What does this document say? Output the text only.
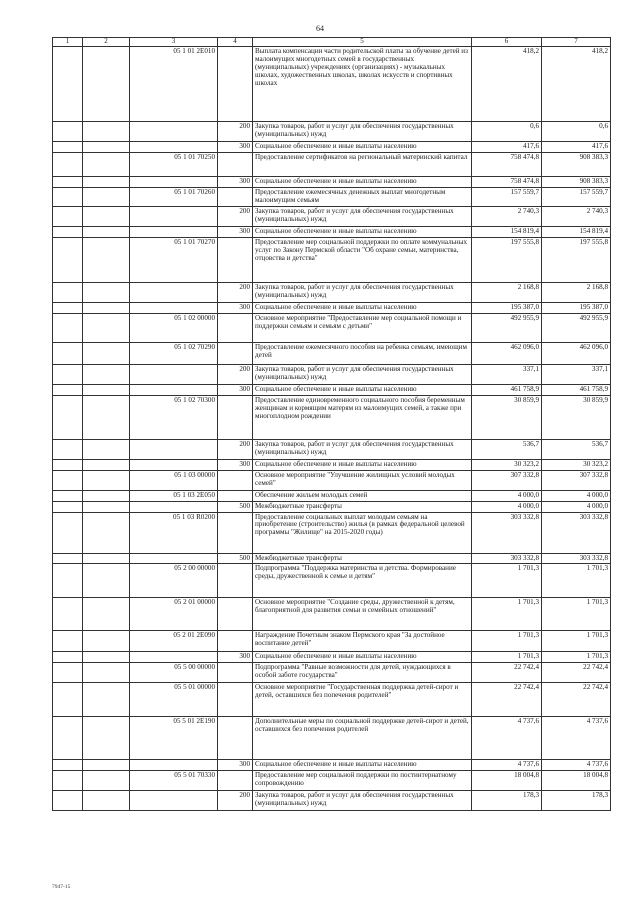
64
1	2	3	4	5	6	7
		05 1 01 2Е010		Выплата компенсации части родительской платы за обучение детей из малоимущих многодетных семей в государственных (муниципальных) учреждениях (организациях) - музыкальных школах, художественных школах, школах искусств и спортивных школах	418,2	418,2
			200	Закупка товаров, работ и услуг для обеспечения государственных (муниципальных) нужд	0,6	0,6
			300	Социальное обеспечение и иные выплаты населению	417,6	417,6
		05 1 01 70250		Предоставление сертификатов на региональный материнский капитал	758 474,8	908 383,3
			300	Социальное обеспечение и иные выплаты населению	758 474,8	908 383,3
		05 1 01 70260		Предоставление ежемесячных денежных выплат многодетным малоимущим семьям	157 559,7	157 559,7
			200	Закупка товаров, работ и услуг для обеспечения государственных (муниципальных) нужд	2 740,3	2 740,3
			300	Социальное обеспечение и иные выплаты населению	154 819,4	154 819,4
		05 1 01 70270		Предоставление мер социальной поддержки по оплате коммунальных услуг по Закону Пермской области "Об охране семьи, материнства, отцовства и детства"	197 555,8	197 555,8
			200	Закупка товаров, работ и услуг для обеспечения государственных (муниципальных) нужд	2 168,8	2 168,8
			300	Социальное обеспечение и иные выплаты населению	195 387,0	195 387,0
		05 1 02 00000		Основное мероприятие "Предоставление мер социальной помощи и поддержки семьям и семьям с детьми"	492 955,9	492 955,9
		05 1 02 70290		Предоставление ежемесячного пособия на ребенка семьям, имеющим детей	462 096,0	462 096,0
			200	Закупка товаров, работ и услуг для обеспечения государственных (муниципальных) нужд	337,1	337,1
			300	Социальное обеспечение и иные выплаты населению	461 758,9	461 758,9
		05 1 02 70300		Предоставление единовременного социального пособия беременным женщинам и кормящим матерям из малоимущих семей, а также при многоплодном рождении	30 859,9	30 859,9
			200	Закупка товаров, работ и услуг для обеспечения государственных (муниципальных) нужд	536,7	536,7
			300	Социальное обеспечение и иные выплаты населению	30 323,2	30 323,2
		05 1 03 00000		Основное мероприятие "Улучшение жилищных условий молодых семей"	307 332,8	307 332,8
		05 1 03 2Е050		Обеспечение жильем молодых семей	4 000,0	4 000,0
			500	Межбюджетные трансферты	4 000,0	4 000,0
		05 1 03 R0200		Предоставление социальных выплат молодым семьям на приобретение (строительство) жилья (в рамках федеральной целевой программы "Жилище" на 2015-2020 годы)	303 332,8	303 332,8
			500	Межбюджетные трансферты	303 332,8	303 332,8
		05 2 00 00000		Подпрограмма "Поддержка материнства и детства. Формирование среды, дружественной к семье и детям"	1 701,3	1 701,3
		05 2 01 00000		Основное мероприятие "Создание среды, дружественной к детям, благоприятной для развития семьи и семейных отношений"	1 701,3	1 701,3
		05 2 01 2Е090		Награждение Почетным знаком Пермского края "За достойное воспитание детей"	1 701,3	1 701,3
			300	Социальное обеспечение и иные выплаты населению	1 701,3	1 701,3
		05 5 00 00000		Подпрограмма "Равные возможности для детей, нуждающихся в особой заботе государства"	22 742,4	22 742,4
		05 5 01 00000		Основное мероприятие "Государственная поддержка детей-сирот и детей, оставшихся без попечения родителей"	22 742,4	22 742,4
		05 5 01 2Е190		Дополнительные меры по социальной поддержке детей-сирот и детей, оставшихся без попечения родителей	4 737,6	4 737,6
			300	Социальное обеспечение и иные выплаты населению	4 737,6	4 737,6
		05 5 01 70330		Предоставление мер социальной поддержки по постинтернатному сопровождению	18 004,8	18 004,8
			200	Закупка товаров, работ и услуг для обеспечения государственных (муниципальных) нужд	178,3	178,3
7947-15
